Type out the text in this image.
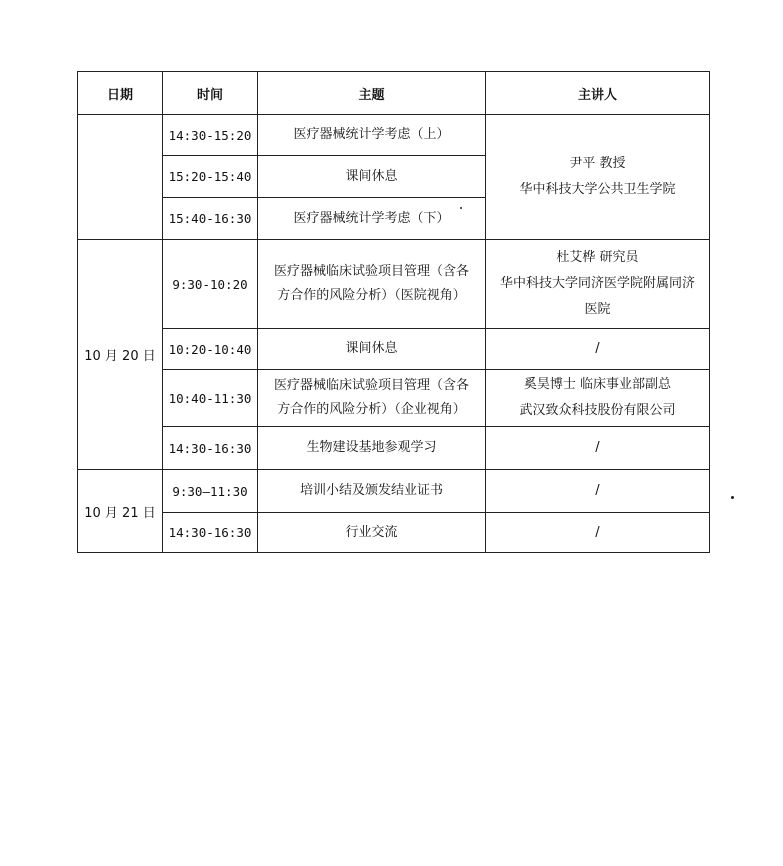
日期	时间	主题	主讲人
	14:30-15:20	医疗器械统计学考虑（上）	尹平 教授
华中科技大学公共卫生学院

	15:20-15:40	课间休息	

	15:40-16:30	医疗器械统计学考虑（下）	

10 月 20 日	9:30-10:20	医疗器械临床试验项目管理（含各
方合作的风险分析）（医院视角）	杜艾桦 研究员
华中科技大学同济医学院附属同济
医院

	10:20-10:40	课间休息	/
	10:40-11:30	医疗器械临床试验项目管理（含各
方合作的风险分析）（企业视角）	奚昊博士 临床事业部副总
武汉致众科技股份有限公司

	14:30-16:30	生物建设基地参观学习	/
10 月 21 日	9:30—11:30	培训小结及颁发结业证书	/
	14:30-16:30	行业交流	/
